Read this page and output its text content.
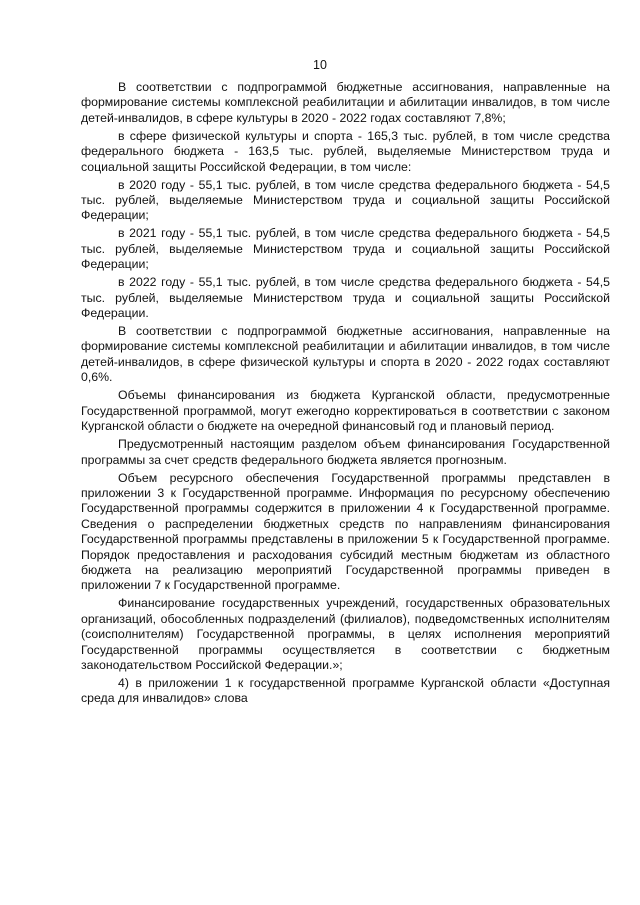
10

В соответствии с подпрограммой бюджетные ассигнования, направленные на формирование системы комплексной реабилитации и абилитации инвалидов, в том числе детей-инвалидов, в сфере культуры в 2020 - 2022 годах составляют 7,8%;

в сфере физической культуры и спорта - 165,3 тыс. рублей, в том числе средства федерального бюджета - 163,5 тыс. рублей, выделяемые Министерством труда и социальной защиты Российской Федерации, в том числе:

в 2020 году - 55,1 тыс. рублей, в том числе средства федерального бюджета - 54,5 тыс. рублей, выделяемые Министерством труда и социальной защиты Российской Федерации;

в 2021 году - 55,1 тыс. рублей, в том числе средства федерального бюджета - 54,5 тыс. рублей, выделяемые Министерством труда и социальной защиты Российской Федерации;

в 2022 году - 55,1 тыс. рублей, в том числе средства федерального бюджета - 54,5 тыс. рублей, выделяемые Министерством труда и социальной защиты Российской Федерации.

В соответствии с подпрограммой бюджетные ассигнования, направленные на формирование системы комплексной реабилитации и абилитации инвалидов, в том числе детей-инвалидов, в сфере физической культуры и спорта в 2020 - 2022 годах составляют 0,6%.

Объемы финансирования из бюджета Курганской области, предусмотренные Государственной программой, могут ежегодно корректироваться в соответствии с законом Курганской области о бюджете на очередной финансовый год и плановый период.

Предусмотренный настоящим разделом объем финансирования Государственной программы за счет средств федерального бюджета является прогнозным.

Объем ресурсного обеспечения Государственной программы представлен в приложении 3 к Государственной программе. Информация по ресурсному обеспечению Государственной программы содержится в приложении 4 к Государственной программе. Сведения о распределении бюджетных средств по направлениям финансирования Государственной программы представлены в приложении 5 к Государственной программе. Порядок предоставления и расходования субсидий местным бюджетам из областного бюджета на реализацию мероприятий Государственной программы приведен в приложении 7 к Государственной программе.

Финансирование государственных учреждений, государственных образовательных организаций, обособленных подразделений (филиалов), подведомственных исполнителям (соисполнителям) Государственной программы, в целях исполнения мероприятий Государственной программы осуществляется в соответствии с бюджетным законодательством Российской Федерации.»;

4) в приложении 1 к государственной программе Курганской области «Доступная среда для инвалидов» слова
